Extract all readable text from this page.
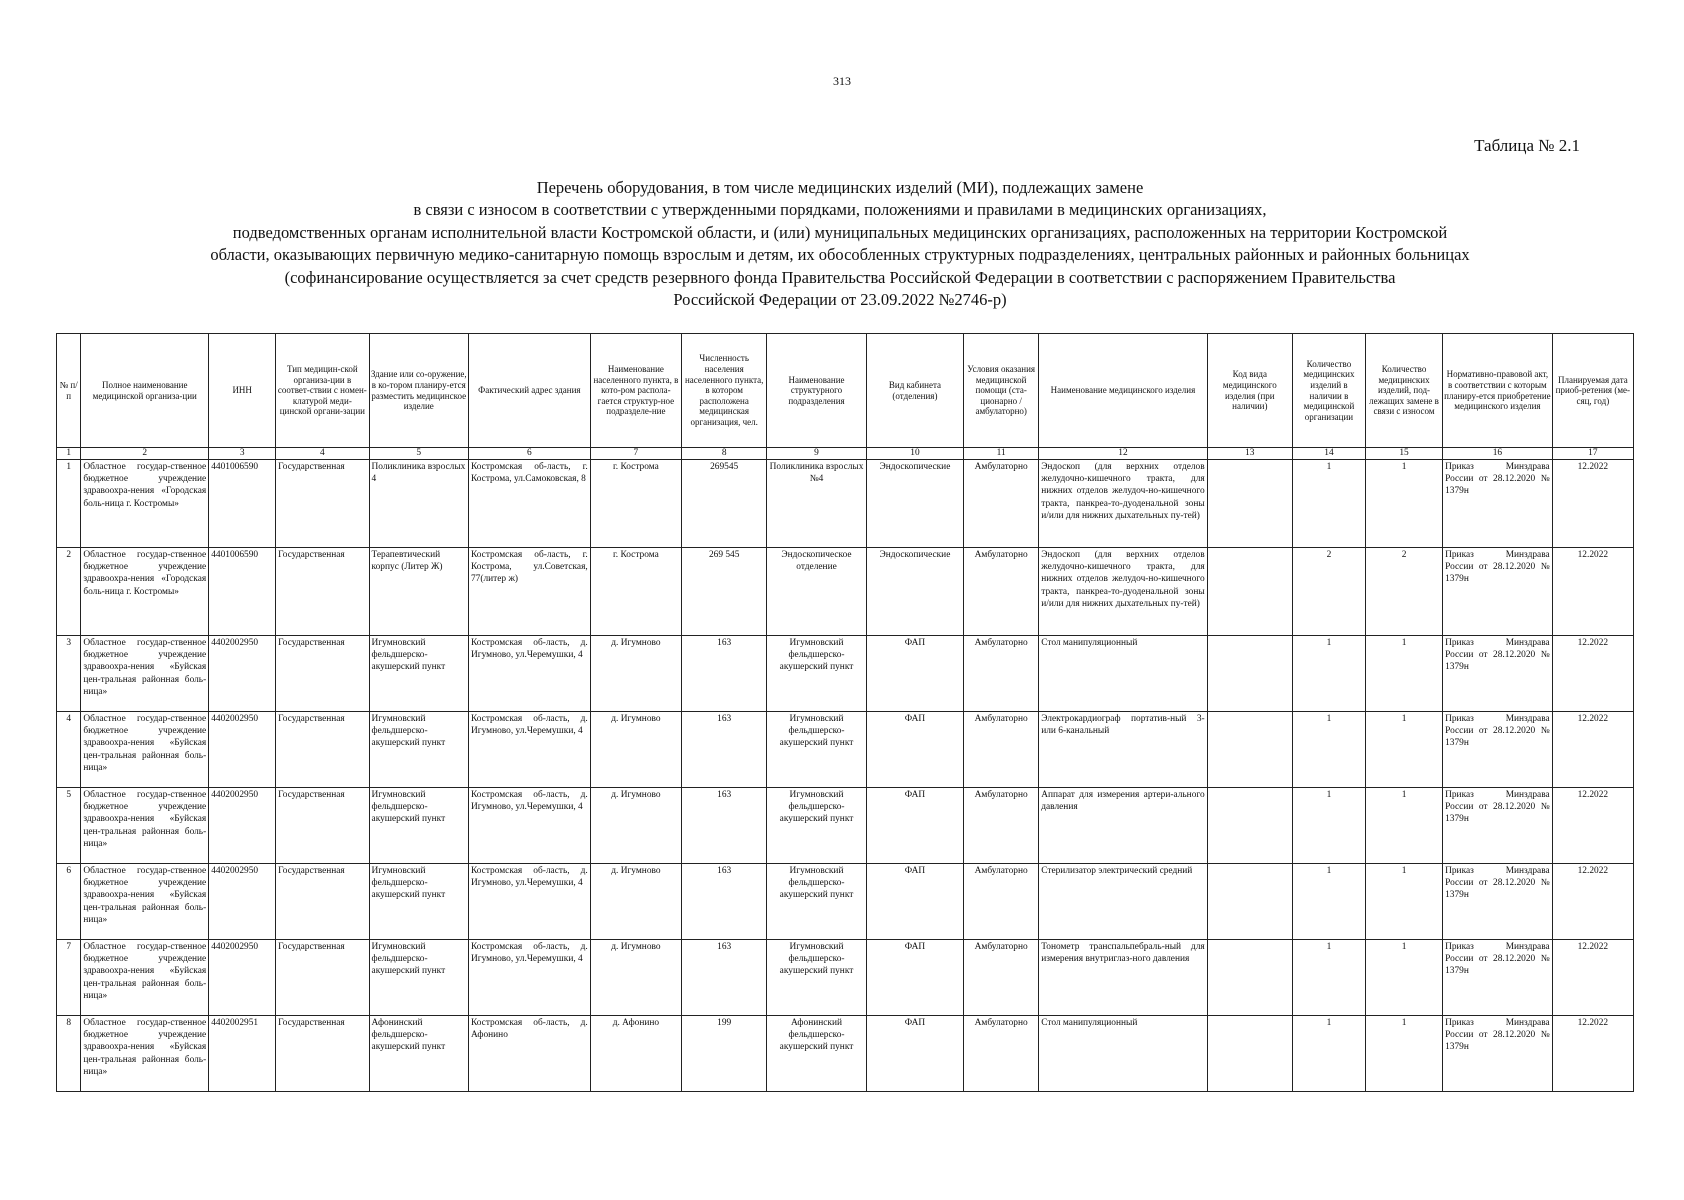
313
Таблица № 2.1
Перечень оборудования, в том числе медицинских изделий (МИ), подлежащих замене
в связи с износом в соответствии с утвержденными порядками, положениями и правилами в медицинских организациях,
подведомственных органам исполнительной власти Костромской области, и (или) муниципальных медицинских организациях, расположенных на территории Костромской
области, оказывающих первичную медико-санитарную помощь взрослым и детям, их обособленных структурных подразделениях, центральных районных и районных больницах
(софинансирование осуществляется за счет средств резервного фонда Правительства Российской Федерации в соответствии с распоряжением Правительства
Российской Федерации от 23.09.2022 №2746-р)
№ п/п	Полное наименование медицинской организа-ции	ИНН	Тип медицин-ской организа-ции в соответ-ствии с номен-клатурой меди-цинской органи-зации	Здание или со-оружение, в ко-тором планиру-ется разместить медицинское изделие	Фактический адрес здания	Наименование населенного пункта, в кото-ром распола-гается структур-ное подразделе-ние	Численность населения населенного пункта, в котором расположена медицинская организация, чел.	Наименование структурного подразделения	Вид кабинета (отделения)	Условия оказания медицинской помощи (ста-ционарно /амбулаторно)	Наименование медицинского изделия	Код вида медицинского изделия (при наличии)	Количество медицинских изделий в наличии в медицинской организации	Количество медицинских изделий, под-лежащих замене в связи с износом	Нормативно-правовой акт, в соответствии с которым планиру-ется приобретение медицинского изделия	Планируемая дата приоб-ретения (ме-сяц, год)
1	2	3	4	5	6	7	8	9	10	11	12	13	14	15	16	17
1	Областное государ-ственное бюджетное учреждение здравоохра-нения «Городская боль-ница г. Костромы»	4401006590	Государственная	Поликлиника взрослых 4	Костромская об-ласть, г. Кострома, ул.Самоковская, 8	г. Кострома	269545	Поликлиника взрослых №4	Эндоскопические	Амбулаторно	Эндоскоп (для верхних отделов желудочно-кишечного тракта, для нижних отделов желудоч-но-кишечного тракта, панкреа-то-дуоденальной зоны и/или для нижних дыхательных пу-тей)		1	1	Приказ Минздрава России от 28.12.2020 № 1379н	12.2022
2	Областное государ-ственное бюджетное учреждение здравоохра-нения «Городская боль-ница г. Костромы»	4401006590	Государственная	Терапевтический корпус (Литер Ж)	Костромская об-ласть, г. Кострома, ул.Советская, 77(литер ж)	г. Кострома	269 545	Эндоскопическое отделение	Эндоскопические	Амбулаторно	Эндоскоп (для верхних отделов желудочно-кишечного тракта, для нижних отделов желудоч-но-кишечного тракта, панкреа-то-дуоденальной зоны и/или для нижних дыхательных пу-тей)		2	2	Приказ Минздрава России от 28.12.2020 № 1379н	12.2022
3	Областное государ-ственное бюджетное учреждение здравоохра-нения «Буйская цен-тральная районная боль-ница»	4402002950	Государственная	Игумновский фельдшерско-акушерский пункт	Костромская об-ласть, д. Игумново, ул.Черемушки, 4	д. Игумново	163	Игумновский фельдшерско-акушерский пункт	ФАП	Амбулаторно	Стол манипуляционный		1	1	Приказ Минздрава России от 28.12.2020 № 1379н	12.2022
4	Областное государ-ственное бюджетное учреждение здравоохра-нения «Буйская цен-тральная районная боль-ница»	4402002950	Государственная	Игумновский фельдшерско-акушерский пункт	Костромская об-ласть, д. Игумново, ул.Черемушки, 4	д. Игумново	163	Игумновский фельдшерско-акушерский пункт	ФАП	Амбулаторно	Электрокардиограф портатив-ный 3- или 6-канальный		1	1	Приказ Минздрава России от 28.12.2020 № 1379н	12.2022
5	Областное государ-ственное бюджетное учреждение здравоохра-нения «Буйская цен-тральная районная боль-ница»	4402002950	Государственная	Игумновский фельдшерско-акушерский пункт	Костромская об-ласть, д. Игумново, ул.Черемушки, 4	д. Игумново	163	Игумновский фельдшерско-акушерский пункт	ФАП	Амбулаторно	Аппарат для измерения артери-ального давления		1	1	Приказ Минздрава России от 28.12.2020 № 1379н	12.2022
6	Областное государ-ственное бюджетное учреждение здравоохра-нения «Буйская цен-тральная районная боль-ница»	4402002950	Государственная	Игумновский фельдшерско-акушерский пункт	Костромская об-ласть, д. Игумново, ул.Черемушки, 4	д. Игумново	163	Игумновский фельдшерско-акушерский пункт	ФАП	Амбулаторно	Стерилизатор электрический средний		1	1	Приказ Минздрава России от 28.12.2020 № 1379н	12.2022
7	Областное государ-ственное бюджетное учреждение здравоохра-нения «Буйская цен-тральная районная боль-ница»	4402002950	Государственная	Игумновский фельдшерско-акушерский пункт	Костромская об-ласть, д. Игумново, ул.Черемушки, 4	д. Игумново	163	Игумновский фельдшерско-акушерский пункт	ФАП	Амбулаторно	Тонометр транспальпебраль-ный для измерения внутриглаз-ного давления		1	1	Приказ Минздрава России от 28.12.2020 № 1379н	12.2022
8	Областное государ-ственное бюджетное учреждение здравоохра-нения «Буйская цен-тральная районная боль-ница»	4402002951	Государственная	Афонинский фельдшерско-акушерский пункт	Костромская об-ласть, д. Афонино	д. Афонино	199	Афонинский фельдшерско-акушерский пункт	ФАП	Амбулаторно	Стол манипуляционный		1	1	Приказ Минздрава России от 28.12.2020 № 1379н	12.2022
